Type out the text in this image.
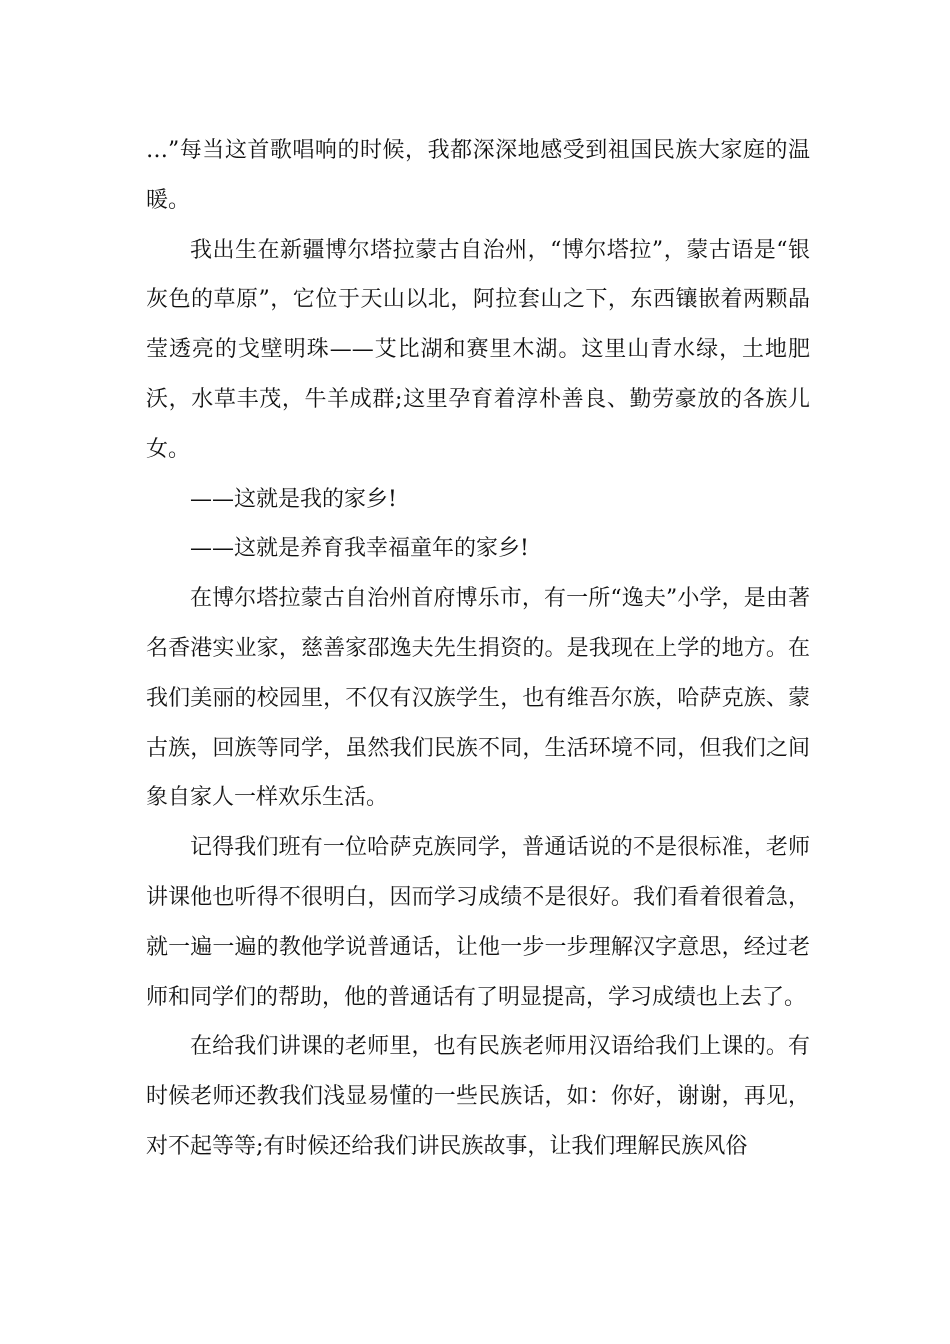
…”每当这首歌唱响的时候，我都深深地感受到祖国民族大家庭的温暖。

我出生在新疆博尔塔拉蒙古自治州，“博尔塔拉”，蒙古语是“银灰色的草原”，它位于天山以北，阿拉套山之下，东西镶嵌着两颗晶莹透亮的戈壁明珠——艾比湖和赛里木湖。这里山青水绿，土地肥沃，水草丰茂，牛羊成群;这里孕育着淳朴善良、勤劳豪放的各族儿女。

——这就是我的家乡!

——这就是养育我幸福童年的家乡!

在博尔塔拉蒙古自治州首府博乐市，有一所“逸夫”小学，是由著名香港实业家，慈善家邵逸夫先生捐资的。是我现在上学的地方。在我们美丽的校园里，不仅有汉族学生，也有维吾尔族，哈萨克族、蒙古族，回族等同学，虽然我们民族不同，生活环境不同，但我们之间象自家人一样欢乐生活。

记得我们班有一位哈萨克族同学，普通话说的不是很标准，老师讲课他也听得不很明白，因而学习成绩不是很好。我们看着很着急，就一遍一遍的教他学说普通话，让他一步一步理解汉字意思，经过老师和同学们的帮助，他的普通话有了明显提高，学习成绩也上去了。

在给我们讲课的老师里，也有民族老师用汉语给我们上课的。有时候老师还教我们浅显易懂的一些民族话，如：你好，谢谢，再见，对不起等等;有时候还给我们讲民族故事，让我们理解民族风俗
